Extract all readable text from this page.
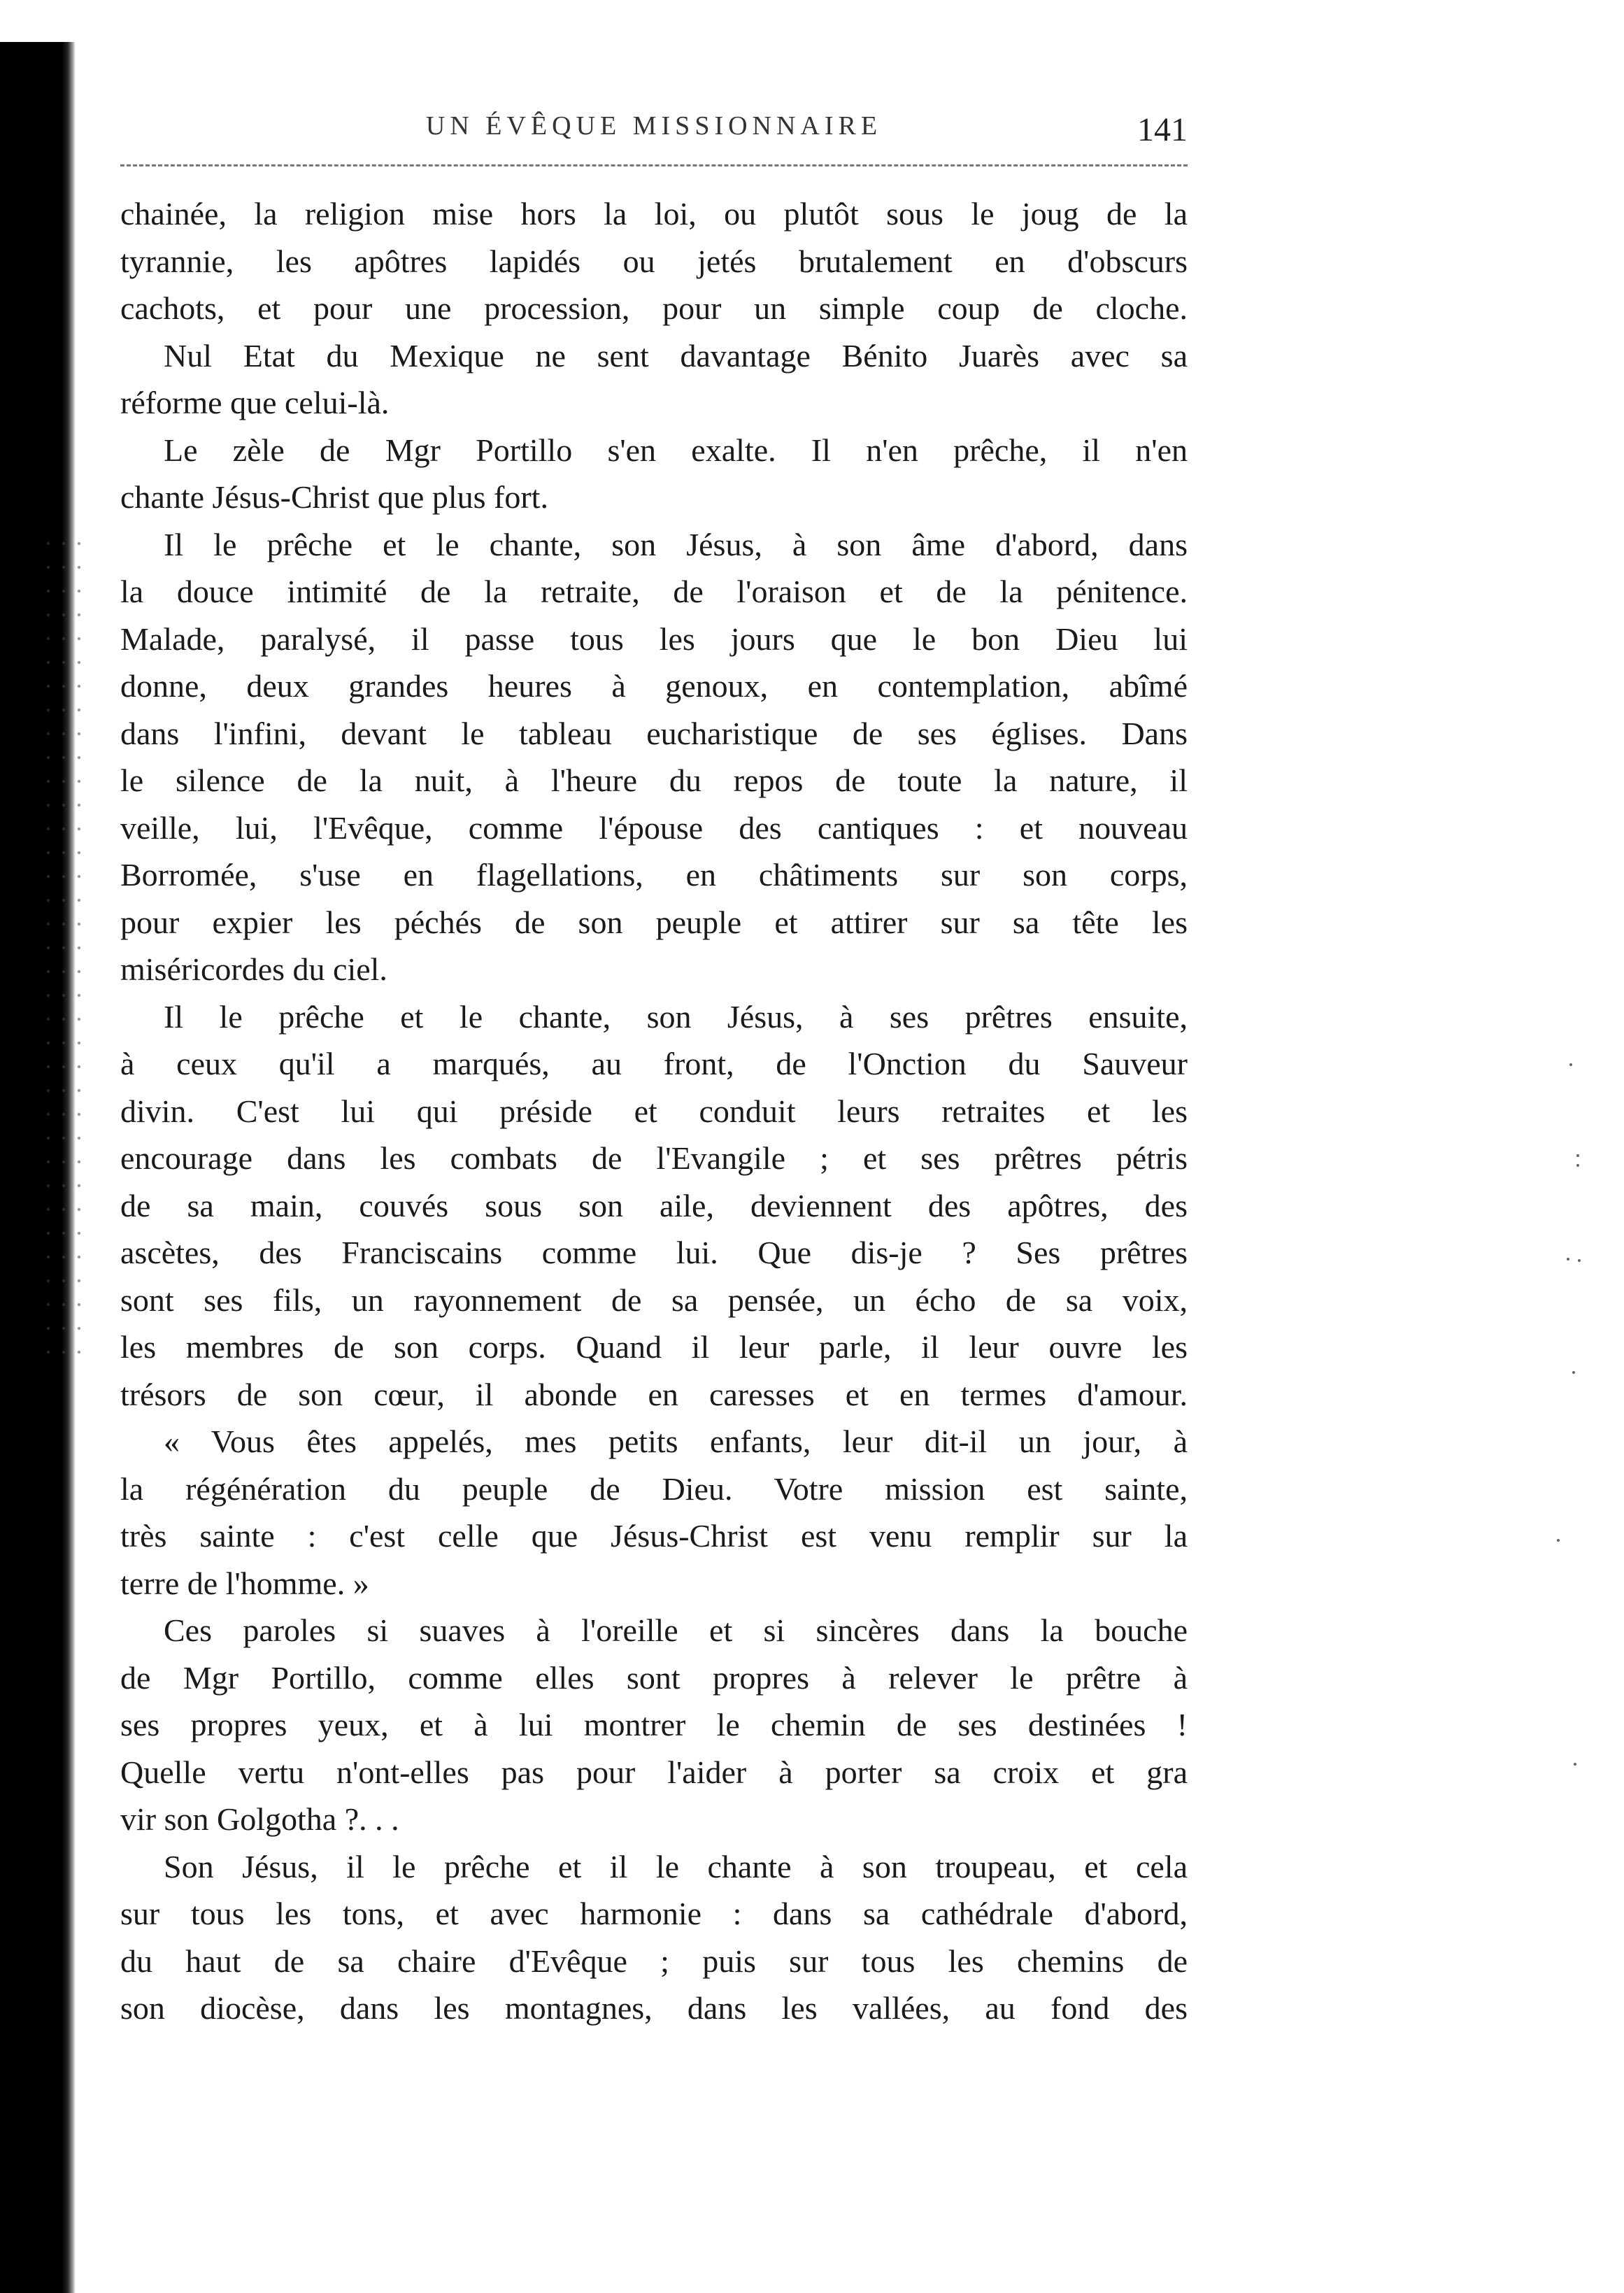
UN ÉVÊQUE MISSIONNAIRE	141
chainée, la religion mise hors la loi, ou plutôt sous le joug de la
tyrannie, les apôtres lapidés ou jetés brutalement en d'obscurs
cachots, et pour une procession, pour un simple coup de cloche.
Nul Etat du Mexique ne sent davantage Bénito Juarès avec sa
réforme que celui-là.
Le zèle de Mgr Portillo s'en exalte. Il n'en prêche, il n'en
chante Jésus-Christ que plus fort.
Il le prêche et le chante, son Jésus, à son âme d'abord, dans
la douce intimité de la retraite, de l'oraison et de la pénitence.
Malade, paralysé, il passe tous les jours que le bon Dieu lui
donne, deux grandes heures à genoux, en contemplation, abîmé
dans l'infini, devant le tableau eucharistique de ses églises. Dans
le silence de la nuit, à l'heure du repos de toute la nature, il
veille, lui, l'Evêque, comme l'épouse des cantiques : et nouveau
Borromée, s'use en flagellations, en châtiments sur son corps,
pour expier les péchés de son peuple et attirer sur sa tête les
miséricordes du ciel.
Il le prêche et le chante, son Jésus, à ses prêtres ensuite,
à ceux qu'il a marqués, au front, de l'Onction du Sauveur
divin. C'est lui qui préside et conduit leurs retraites et les
encourage dans les combats de l'Evangile ; et ses prêtres pétris
de sa main, couvés sous son aile, deviennent des apôtres, des
ascètes, des Franciscains comme lui. Que dis-je ? Ses prêtres
sont ses fils, un rayonnement de sa pensée, un écho de sa voix,
les membres de son corps. Quand il leur parle, il leur ouvre les
trésors de son cœur, il abonde en caresses et en termes d'amour.
« Vous êtes appelés, mes petits enfants, leur dit-il un jour, à
la régénération du peuple de Dieu. Votre mission est sainte,
très sainte : c'est celle que Jésus-Christ est venu remplir sur la
terre de l'homme. »
Ces paroles si suaves à l'oreille et si sincères dans la bouche
de Mgr Portillo, comme elles sont propres à relever le prêtre à
ses propres yeux, et à lui montrer le chemin de ses destinées !
Quelle vertu n'ont-elles pas pour l'aider à porter sa croix et gra
vir son Golgotha ?. . .
Son Jésus, il le prêche et il le chante à son troupeau, et cela
sur tous les tons, et avec harmonie : dans sa cathédrale d'abord,
du haut de sa chaire d'Evêque ; puis sur tous les chemins de
son diocèse, dans les montagnes, dans les vallées, au fond des
